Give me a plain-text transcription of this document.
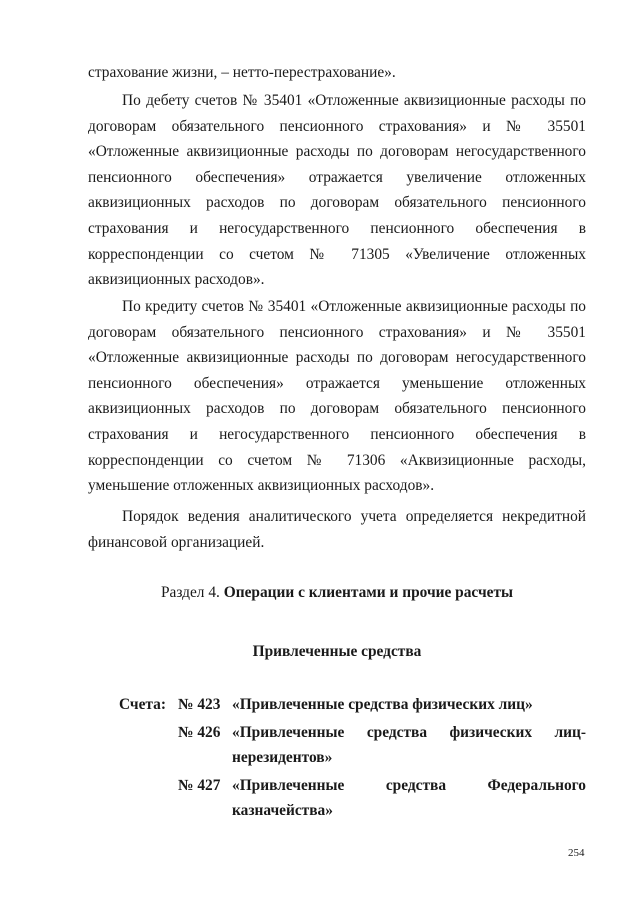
страхование жизни, – нетто-перестрахование».

По дебету счетов № 35401 «Отложенные аквизиционные расходы по договорам обязательного пенсионного страхования» и № 35501 «Отложенные аквизиционные расходы по договорам негосударственного пенсионного обеспечения» отражается увеличение отложенных аквизиционных расходов по договорам обязательного пенсионного страхования и негосударственного пенсионного обеспечения в корреспонденции со счетом № 71305 «Увеличение отложенных аквизиционных расходов».

По кредиту счетов № 35401 «Отложенные аквизиционные расходы по договорам обязательного пенсионного страхования» и № 35501 «Отложенные аквизиционные расходы по договорам негосударственного пенсионного обеспечения» отражается уменьшение отложенных аквизиционных расходов по договорам обязательного пенсионного страхования и негосударственного пенсионного обеспечения в корреспонденции со счетом № 71306 «Аквизиционные расходы, уменьшение отложенных аквизиционных расходов».

Порядок ведения аналитического учета определяется некредитной финансовой организацией.

Раздел 4. Операции с клиентами и прочие расчеты

Привлеченные средства

Счета: № 423 «Привлеченные средства физических лиц»
№ 426 «Привлеченные средства физических лиц-нерезидентов»
№ 427 «Привлеченные средства Федерального казначейства»
254
